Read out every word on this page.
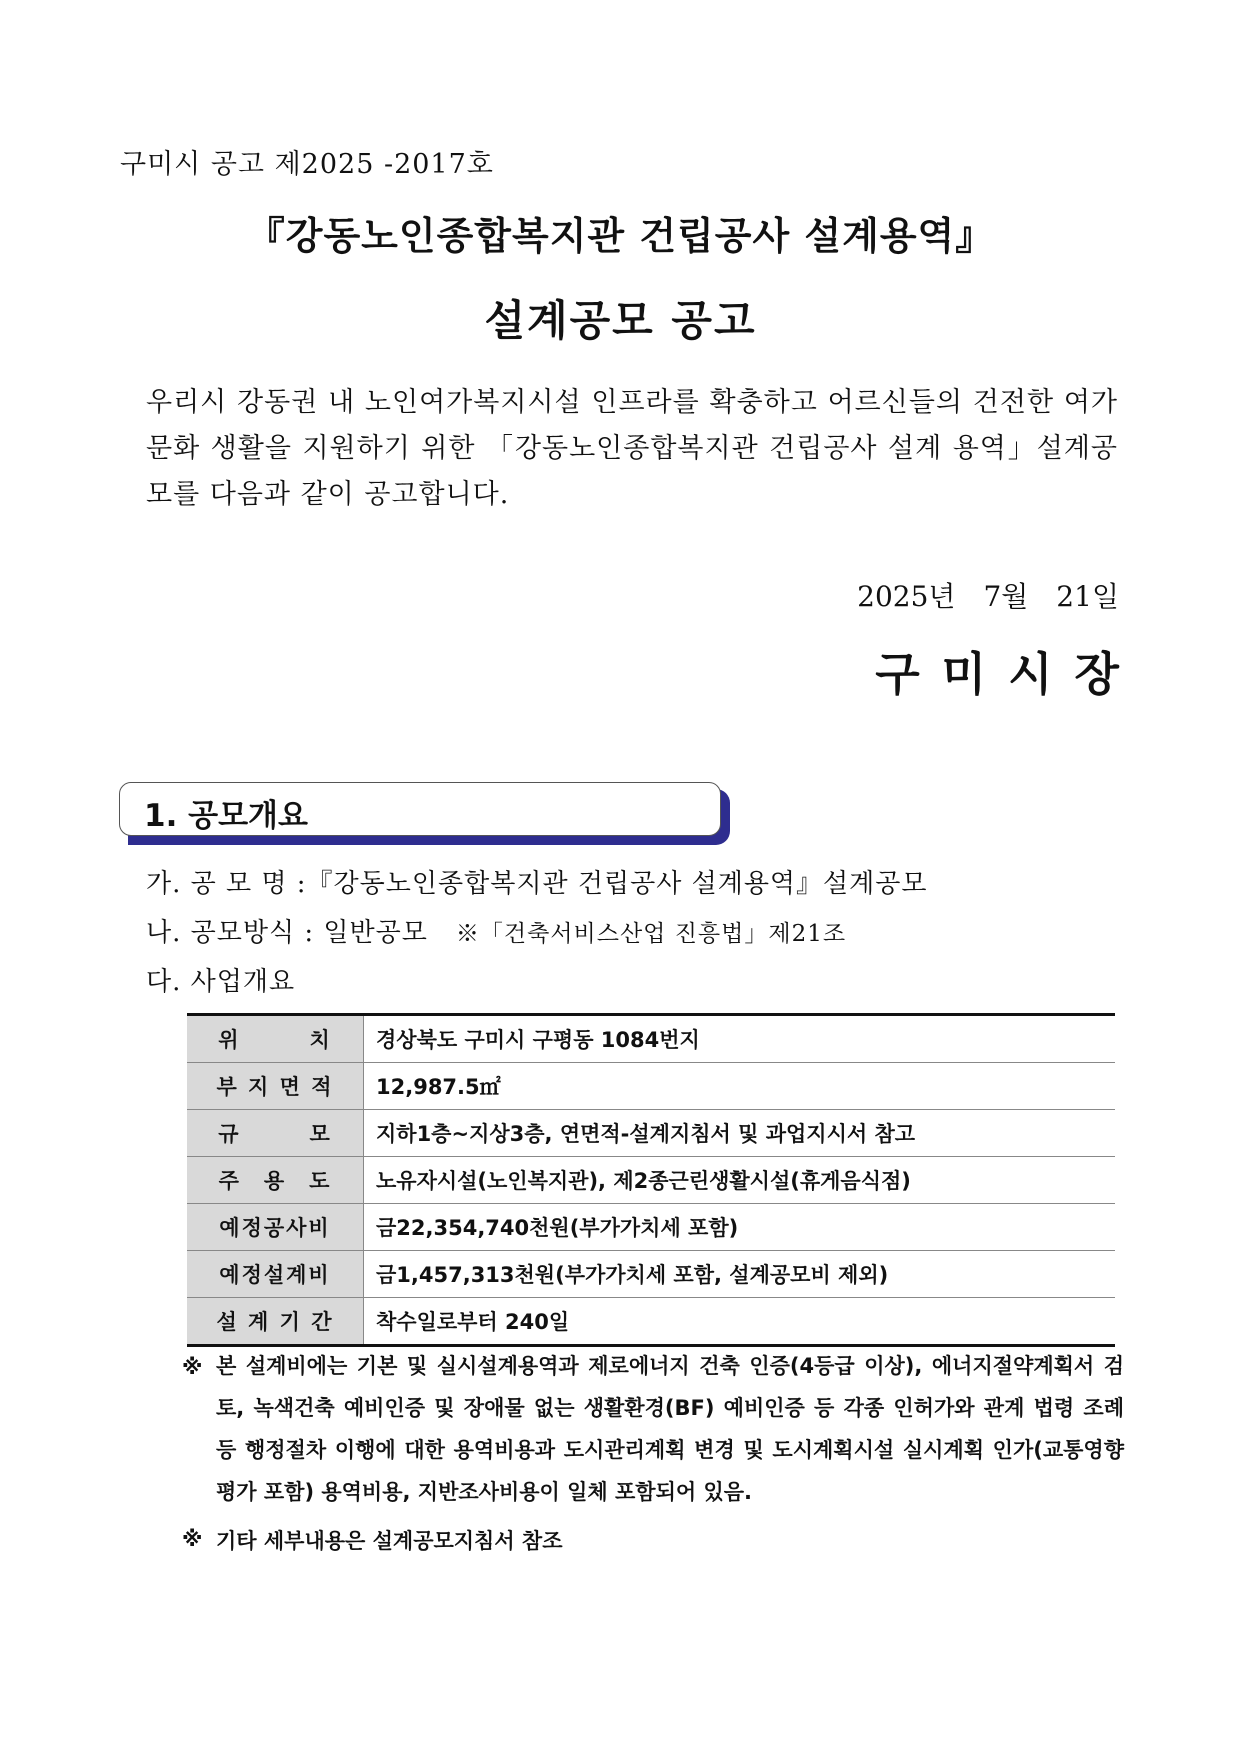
구미시 공고 제2025 -2017호
『강동노인종합복지관 건립공사 설계용역』
설계공모 공고
우리시 강동권 내 노인여가복지시설 인프라를 확충하고 어르신들의 건전한 여가문화 생활을 지원하기 위한 「강동노인종합복지관 건립공사 설계 용역」설계공모를 다음과 같이 공고합니다.
2025년　7월　21일
구미시장
1. 공모개요
가. 공 모 명 :『강동노인종합복지관 건립공사 설계용역』설계공모
나. 공모방식 : 일반공모 ※「건축서비스산업 진흥법」제21조
다. 사업개요
위　　　치	경상북도 구미시 구평동 1084번지
부 지 면 적	12,987.5㎡
규　　　모	지하1층~지상3층, 연면적-설계지침서 및 과업지시서 참고
주　용　도	노유자시설(노인복지관), 제2종근린생활시설(휴게음식점)
예정공사비	금22,354,740천원(부가가치세 포함)
예정설계비	금1,457,313천원(부가가치세 포함, 설계공모비 제외)
설 계 기 간	착수일로부터 240일
※ 본 설계비에는 기본 및 실시설계용역과 제로에너지 건축 인증(4등급 이상), 에너지절약계획서 검토, 녹색건축 예비인증 및 장애물 없는 생활환경(BF) 예비인증 등 각종 인허가와 관계 법령 조례 등 행정절차 이행에 대한 용역비용과 도시관리계획 변경 및 도시계획시설 실시계획 인가(교통영향평가 포함) 용역비용, 지반조사비용이 일체 포함되어 있음.
※ 기타 세부내용은 설계공모지침서 참조
